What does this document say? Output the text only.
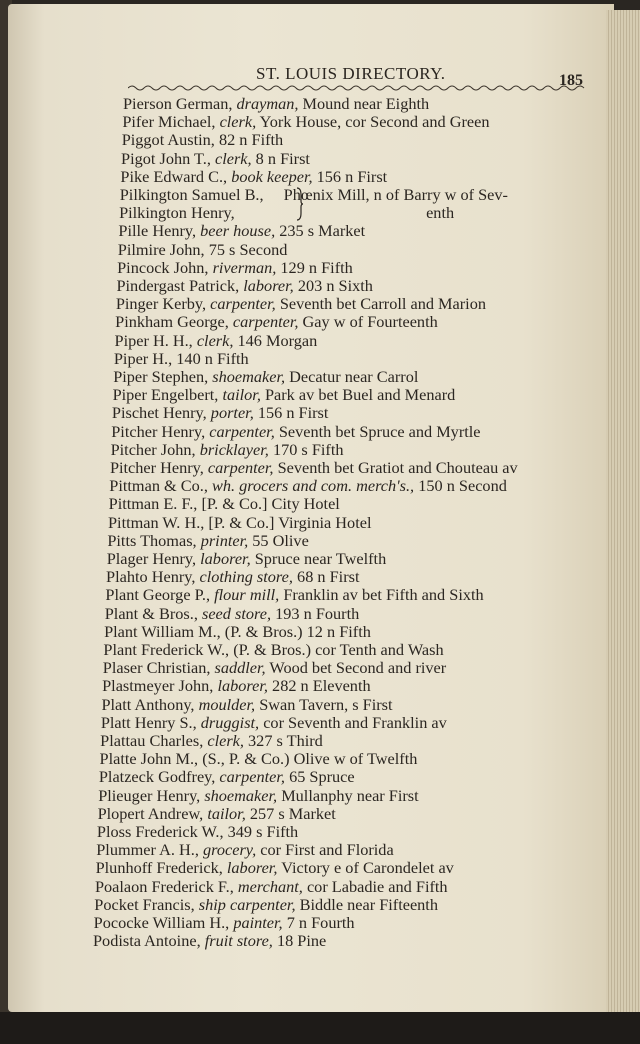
ST. LOUIS DIRECTORY.	185
Pierson German, drayman, Mound near Eighth
Pifer Michael, clerk, York House, cor Second and Green
Piggot Austin, 82 n Fifth
Pigot John T., clerk, 8 n First
Pike Edward C., book keeper, 156 n First
Pilkington Samuel B., Phœnix Mill, n of Barry w of Sev-
Pilkington Henry,	enth
Pille Henry, beer house, 235 s Market
Pilmire John, 75 s Second
Pincock John, riverman, 129 n Fifth
Pindergast Patrick, laborer, 203 n Sixth
Pinger Kerby, carpenter, Seventh bet Carroll and Marion
Pinkham George, carpenter, Gay w of Fourteenth
Piper H. H., clerk, 146 Morgan
Piper H., 140 n Fifth
Piper Stephen, shoemaker, Decatur near Carrol
Piper Engelbert, tailor, Park av bet Buel and Menard
Pischet Henry, porter, 156 n First
Pitcher Henry, carpenter, Seventh bet Spruce and Myrtle
Pitcher John, bricklayer, 170 s Fifth
Pitcher Henry, carpenter, Seventh bet Gratiot and Chouteau av
Pittman & Co., wh. grocers and com. merch's., 150 n Second
Pittman E. F., [P. & Co.] City Hotel
Pittman W. H., [P. & Co.] Virginia Hotel
Pitts Thomas, printer, 55 Olive
Plager Henry, laborer, Spruce near Twelfth
Plahto Henry, clothing store, 68 n First
Plant George P., flour mill, Franklin av bet Fifth and Sixth
Plant & Bros., seed store, 193 n Fourth
Plant William M., (P. & Bros.) 12 n Fifth
Plant Frederick W., (P. & Bros.) cor Tenth and Wash
Plaser Christian, saddler, Wood bet Second and river
Plastmeyer John, laborer, 282 n Eleventh
Platt Anthony, moulder, Swan Tavern, s First
Platt Henry S., druggist, cor Seventh and Franklin av
Plattau Charles, clerk, 327 s Third
Platte John M., (S., P. & Co.) Olive w of Twelfth
Platzeck Godfrey, carpenter, 65 Spruce
Plieuger Henry, shoemaker, Mullanphy near First
Plopert Andrew, tailor, 257 s Market
Ploss Frederick W., 349 s Fifth
Plummer A. H., grocery, cor First and Florida
Plunhoff Frederick, laborer, Victory e of Carondelet av
Poalaon Frederick F., merchant, cor Labadie and Fifth
Pocket Francis, ship carpenter, Biddle near Fifteenth
Pococke William H., painter, 7 n Fourth
Podista Antoine, fruit store, 18 Pine
